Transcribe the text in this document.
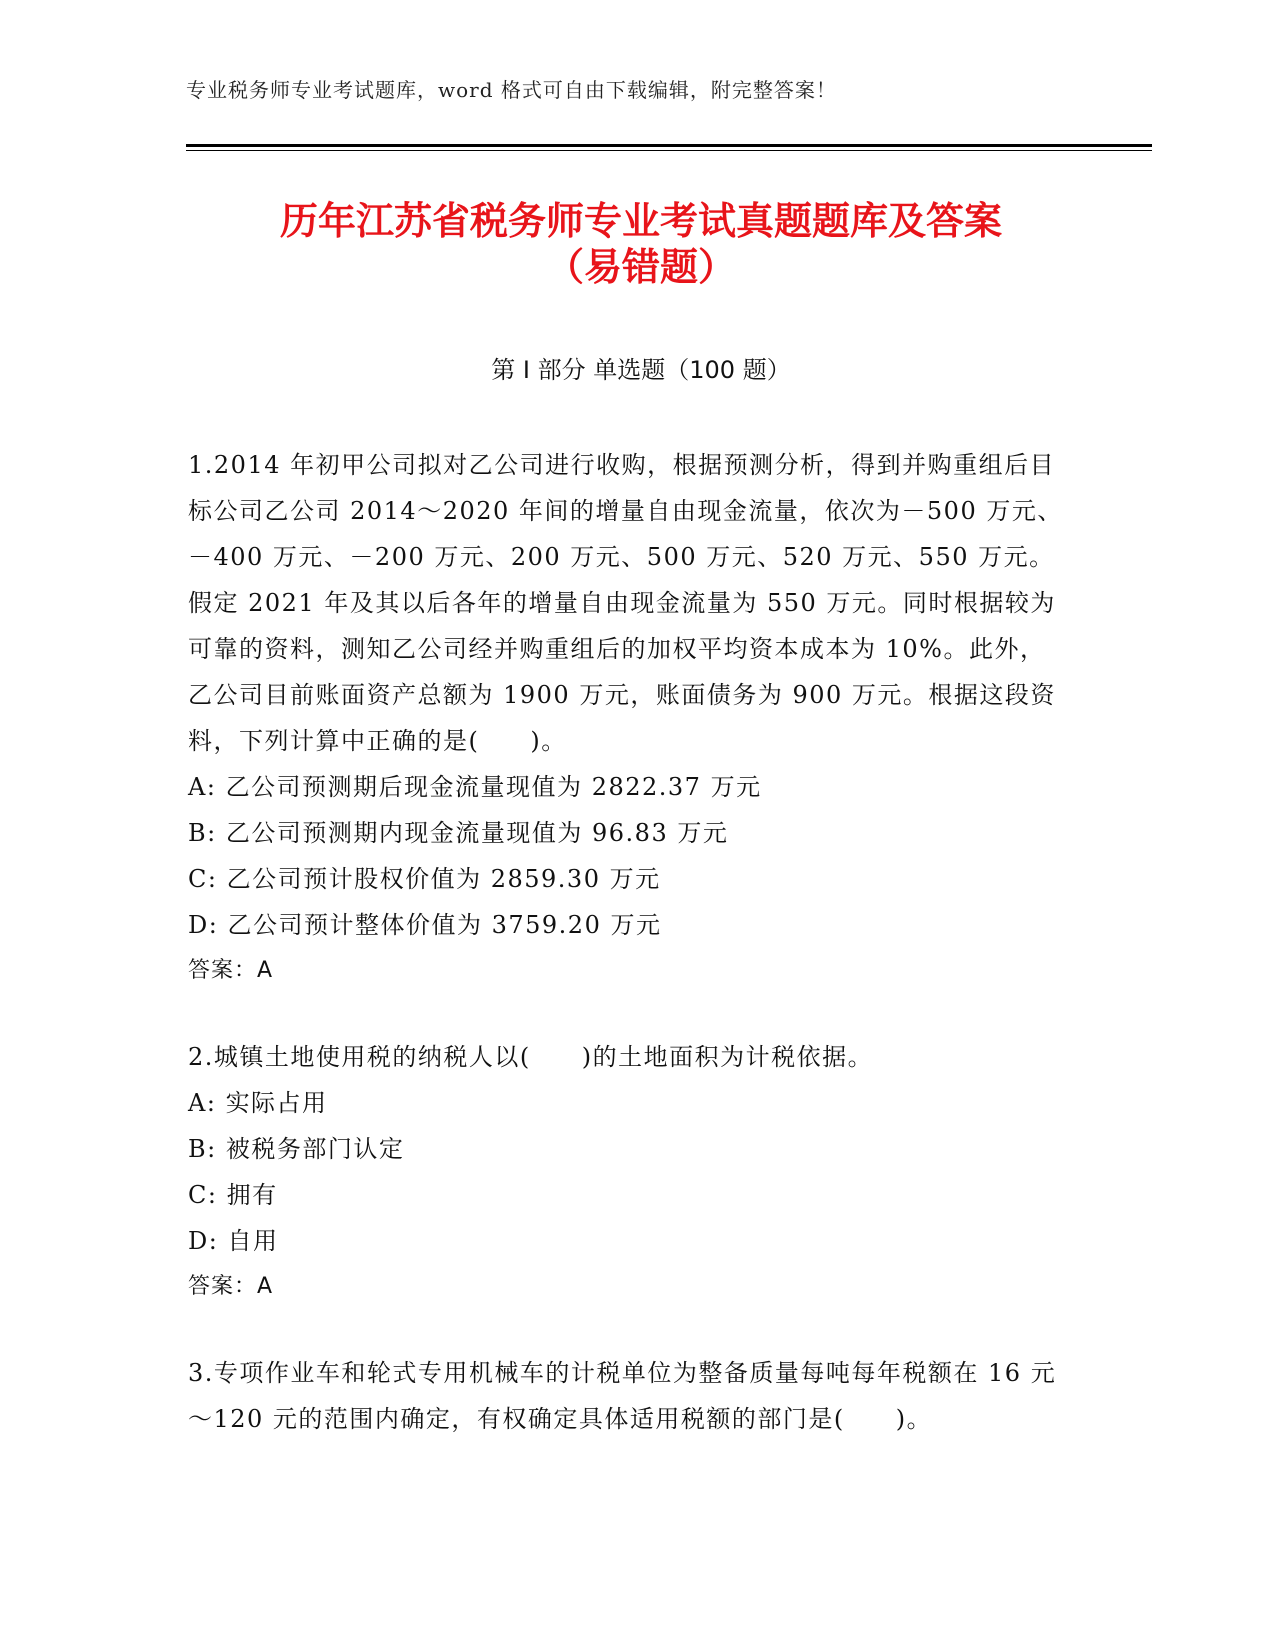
专业税务师专业考试题库，word 格式可自由下载编辑，附完整答案！
历年江苏省税务师专业考试真题题库及答案
（易错题）
第 I 部分 单选题（100 题）

1.2014 年初甲公司拟对乙公司进行收购，根据预测分析，得到并购重组后目标公司乙公司 2014～2020 年间的增量自由现金流量，依次为－500 万元、－400 万元、－200 万元、200 万元、500 万元、520 万元、550 万元。假定 2021 年及其以后各年的增量自由现金流量为 550 万元。同时根据较为可靠的资料，测知乙公司经并购重组后的加权平均资本成本为 10%。此外，乙公司目前账面资产总额为 1900 万元，账面债务为 900 万元。根据这段资料，下列计算中正确的是(　　)。

A: 乙公司预测期后现金流量现值为 2822.37 万元

B: 乙公司预测期内现金流量现值为 96.83 万元

C: 乙公司预计股权价值为 2859.30 万元

D: 乙公司预计整体价值为 3759.20 万元

答案：A

2.城镇土地使用税的纳税人以(　　)的土地面积为计税依据。

A: 实际占用

B: 被税务部门认定

C: 拥有

D: 自用

答案：A

3.专项作业车和轮式专用机械车的计税单位为整备质量每吨每年税额在 16 元～120 元的范围内确定，有权确定具体适用税额的部门是(　　)。
